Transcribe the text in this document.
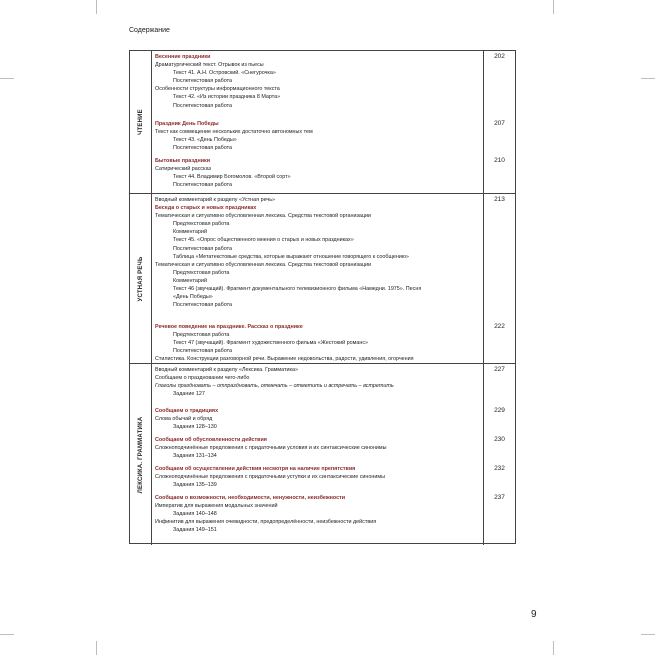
Содержание
ЧТЕНИЕ
Весенние праздники
Драматургический текст. Отрывок из пьесы
Текст 41. А.Н. Островский. «Снегурочка»
Послетекстовая работа
Особенности структуры информационного текста
Текст 42. «Из истории праздника 8 Марта»
Послетекстовая работа
Праздник День Победы
Текст как совмещение нескольких достаточно автономных тем
Текст 43. «День Победы»
Послетекстовая работа
Бытовые праздники
Сатирический рассказ
Текст 44. Владимир Богомолов. «Второй сорт»
Послетекстовая работа
202
207
210
УСТНАЯ РЕЧЬ
Вводный комментарий к разделу «Устная речь»
Беседа о старых и новых праздниках
Тематическая и ситуативно обусловленная лексика. Средства текстовой организации
Предтекстовая работа
Комментарий
Текст 45. «Опрос общественного мнения о старых и новых праздниках»
Послетекстовая работа
Таблица «Метатекстовые средства, которые выражают отношение говорящего к сообщению»
Тематическая и ситуативно обусловленная лексика. Средства текстовой организации
Предтекстовая работа
Комментарий
Текст 46 (звучащий). Фрагмент документального телевизионного фильма «Намедни. 1975». Песня
«День Победы»
Послетекстовая работа
Речевое поведение на празднике. Рассказ о празднике
Предтекстовая работа
Текст 47 (звучащий). Фрагмент художественного фильма «Жестокий романс»
Послетекстовая работа
Стилистика. Конструкции разговорной речи. Выражение недовольства, радости, удивления, огорчения
213
222
ЛЕКСИКА. ГРАММАТИКА
Вводный комментарий к разделу «Лексика. Грамматика»
Сообщаем о праздновании чего-либо
Глаголы праздновать – отпраздновать, отмечать – отметить и встречать – встретить
Задание 127
Сообщаем о традициях
Слова обычай и обряд
Задания 128–130
Сообщаем об обусловленности действия
Сложноподчинённые предложения с придаточными условия и их синтаксические синонимы
Задания 131–134
Сообщаем об осуществлении действия несмотря на наличие препятствия
Сложноподчинённые предложения с придаточными уступки и их синтаксические синонимы
Задания 135–139
Сообщаем о возможности, необходимости, ненужности, неизбежности
Императив для выражения модальных значений
Задания 140–148
Инфинитив для выражения очевидности, предопределённости, неизбежности действия
Задания 149–151
227
229
230
232
237
9
